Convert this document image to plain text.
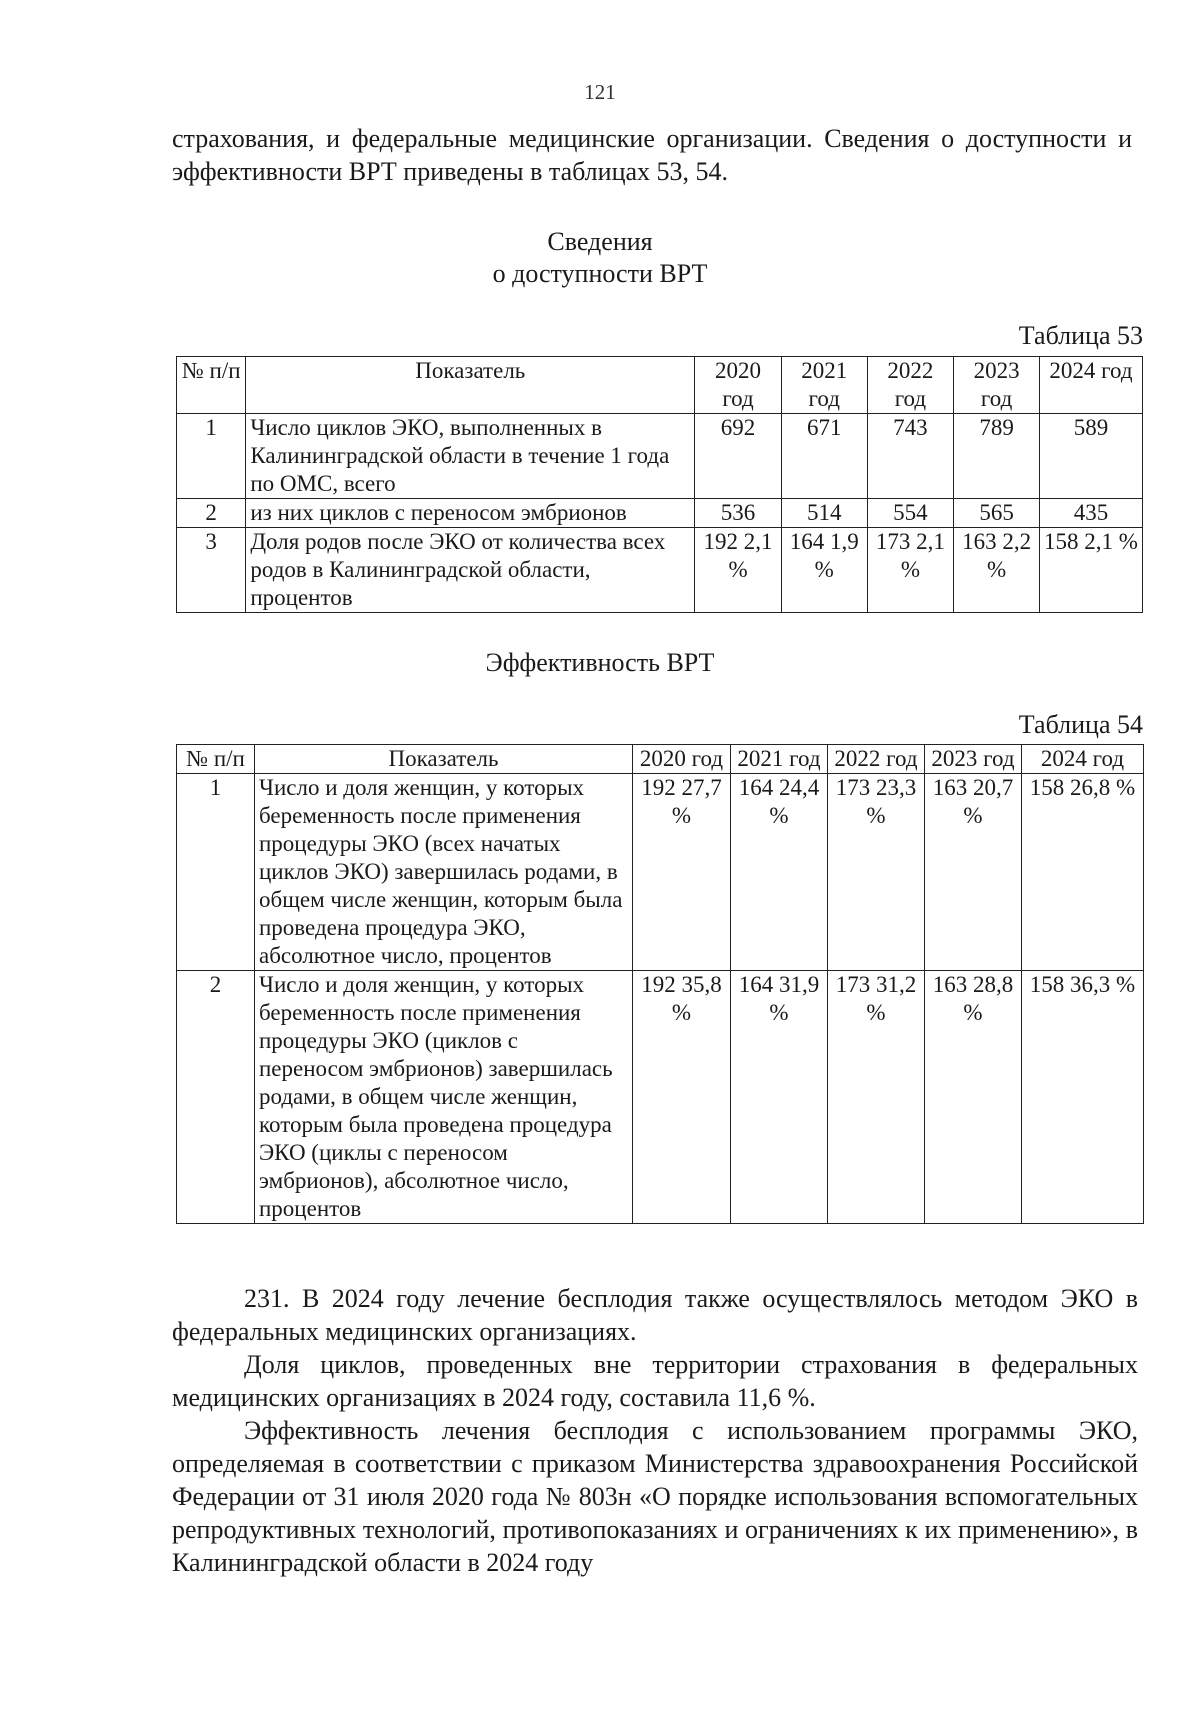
121
страхования, и федеральные медицинские организации. Сведения о доступности и эффективности ВРТ приведены в таблицах 53, 54.
Сведения
о доступности ВРТ
Таблица 53
№ п/п	Показатель	2020 год	2021 год	2022 год	2023 год	2024 год
1	Число циклов ЭКО, выполненных в Калининградской области в течение 1 года по ОМС, всего	692	671	743	789	589
2	из них циклов с переносом эмбрионов	536	514	554	565	435
3	Доля родов после ЭКО от количества всех родов в Калининградской области, процентов	192 2,1 %	164 1,9 %	173 2,1 %	163 2,2 %	158 2,1 %
Эффективность ВРТ
Таблица 54
№ п/п	Показатель	2020 год	2021 год	2022 год	2023 год	2024 год
1	Число и доля женщин, у которых беременность после применения процедуры ЭКО (всех начатых циклов ЭКО) завершилась родами, в общем числе женщин, которым была проведена процедура ЭКО, абсолютное число, процентов	192 27,7 %	164 24,4 %	173 23,3 %	163 20,7 %	158 26,8 %
2	Число и доля женщин, у которых беременность после применения процедуры ЭКО (циклов с переносом эмбрионов) завершилась родами, в общем числе женщин, которым была проведена процедура ЭКО (циклы с переносом эмбрионов), абсолютное число, процентов	192 35,8 %	164 31,9 %	173 31,2 %	163 28,8 %	158 36,3 %
231. В 2024 году лечение бесплодия также осуществлялось методом ЭКО в федеральных медицинских организациях.
Доля циклов, проведенных вне территории страхования в федеральных медицинских организациях в 2024 году, составила 11,6 %.
Эффективность лечения бесплодия с использованием программы ЭКО, определяемая в соответствии с приказом Министерства здравоохранения Российской Федерации от 31 июля 2020 года № 803н «О порядке использования вспомогательных репродуктивных технологий, противопоказаниях и ограничениях к их применению», в Калининградской области в 2024 году
